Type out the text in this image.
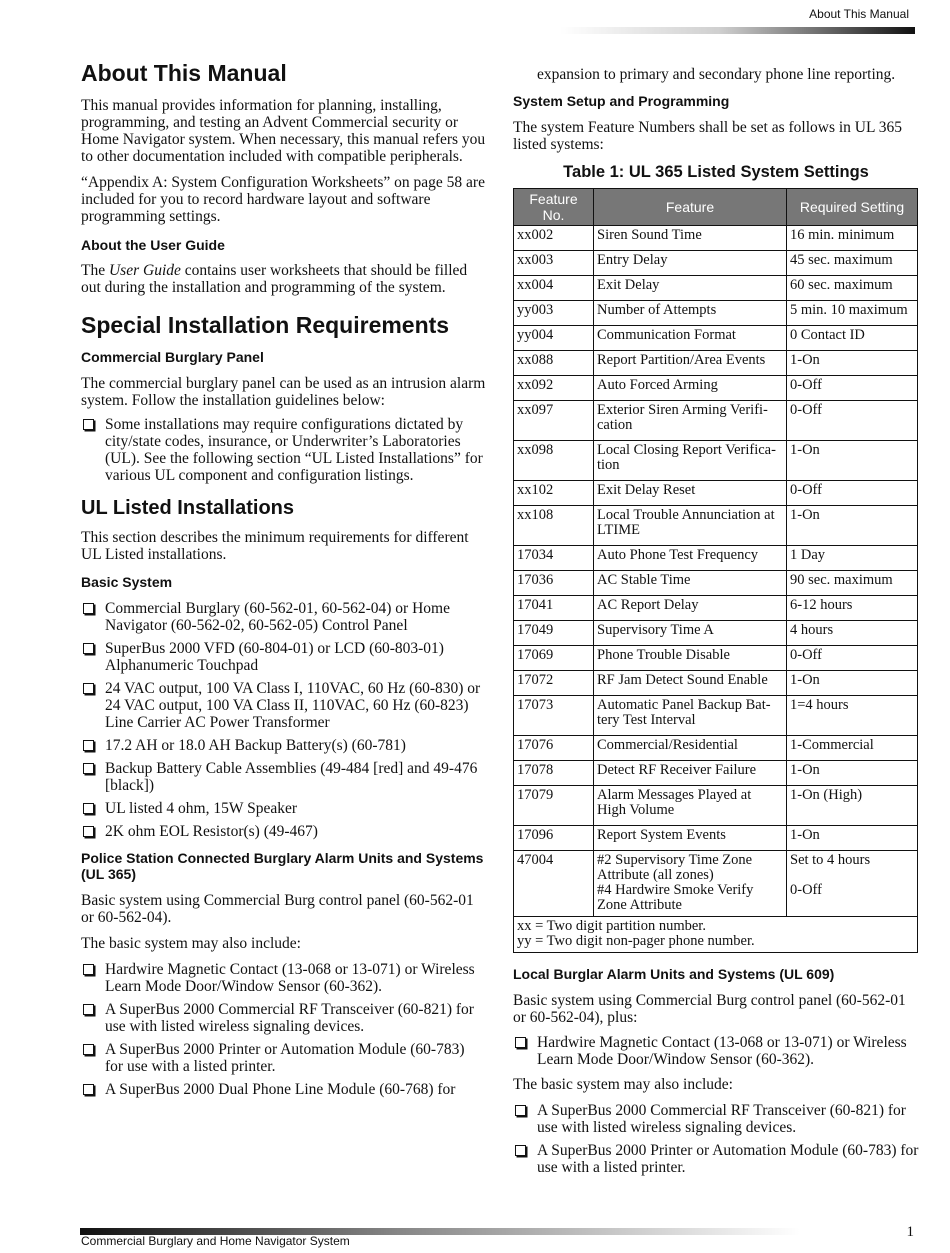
About This Manual
About This Manual

This manual provides information for planning, installing, programming, and testing an Advent Commercial security or Home Navigator system. When necessary, this manual refers you to other documentation included with compatible peripherals.

“Appendix A: System Configuration Worksheets” on page 58 are included for you to record hardware layout and software programming settings.

About the User Guide

The User Guide contains user worksheets that should be filled out during the installation and programming of the system.

Special Installation Requirements
Commercial Burglary Panel

The commercial burglary panel can be used as an intrusion alarm system. Follow the installation guidelines below:

Some installations may require configurations dictated by city/state codes, insurance, or Underwriter’s Laboratories (UL). See the following section “UL Listed Installations” for various UL component and configuration listings.
UL Listed Installations

This section describes the minimum requirements for different UL Listed installations.

Basic System
Commercial Burglary (60-562-01, 60-562-04) or Home Navigator (60-562-02, 60-562-05) Control Panel
SuperBus 2000 VFD (60-804-01) or LCD (60-803-01) Alphanumeric Touchpad
24 VAC output, 100 VA Class I, 110VAC, 60 Hz (60-830) or 24 VAC output, 100 VA Class II, 110VAC, 60 Hz (60-823) Line Carrier AC Power Transformer
17.2 AH or 18.0 AH Backup Battery(s) (60-781)
Backup Battery Cable Assemblies (49-484 [red] and 49-476 [black])
UL listed 4 ohm, 15W Speaker
2K ohm EOL Resistor(s) (49-467)
Police Station Connected Burglary Alarm Units and Systems (UL 365)

Basic system using Commercial Burg control panel (60-562-01 or 60-562-04).

The basic system may also include:

Hardwire Magnetic Contact (13-068 or 13-071) or Wireless Learn Mode Door/Window Sensor (60-362).
A SuperBus 2000 Commercial RF Transceiver (60-821) for use with listed wireless signaling devices.
A SuperBus 2000 Printer or Automation Module (60-783) for use with a listed printer.
A SuperBus 2000 Dual Phone Line Module (60-768) for

expansion to primary and secondary phone line reporting.

System Setup and Programming

The system Feature Numbers shall be set as follows in UL 365 listed systems:

Table 1: UL 365 Listed System Settings
Feature No.	Feature	Required Setting
xx002	Siren Sound Time	16 min. minimum
xx003	Entry Delay	45 sec. maximum
xx004	Exit Delay	60 sec. maximum
yy003	Number of Attempts	5 min. 10 maximum
yy004	Communication Format	0 Contact ID
xx088	Report Partition/Area Events	1-On
xx092	Auto Forced Arming	0-Off
xx097	Exterior Siren Arming Verifi-
cation	0-Off
xx098	Local Closing Report Verifica-
tion	1-On
xx102	Exit Delay Reset	0-Off
xx108	Local Trouble Annunciation at
LTIME	1-On
17034	Auto Phone Test Frequency	1 Day
17036	AC Stable Time	90 sec. maximum
17041	AC Report Delay	6-12 hours
17049	Supervisory Time A	4 hours
17069	Phone Trouble Disable	0-Off
17072	RF Jam Detect Sound Enable	1-On
17073	Automatic Panel Backup Bat-
tery Test Interval	1=4 hours
17076	Commercial/Residential	1-Commercial
17078	Detect RF Receiver Failure	1-On
17079	Alarm Messages Played at
High Volume	1-On (High)
17096	Report System Events	1-On
47004	#2 Supervisory Time Zone
Attribute (all zones)
#4 Hardwire Smoke Verify
Zone Attribute	Set to 4 hours

0-Off

xx = Two digit partition number.
yy = Two digit non-pager phone number.		
Local Burglar Alarm Units and Systems (UL 609)

Basic system using Commercial Burg control panel (60-562-01 or 60-562-04), plus:

Hardwire Magnetic Contact (13-068 or 13-071) or Wireless Learn Mode Door/Window Sensor (60-362).

The basic system may also include:

A SuperBus 2000 Commercial RF Transceiver (60-821) for use with listed wireless signaling devices.
A SuperBus 2000 Printer or Automation Module (60-783) for use with a listed printer.
1
Commercial Burglary and Home Navigator System
